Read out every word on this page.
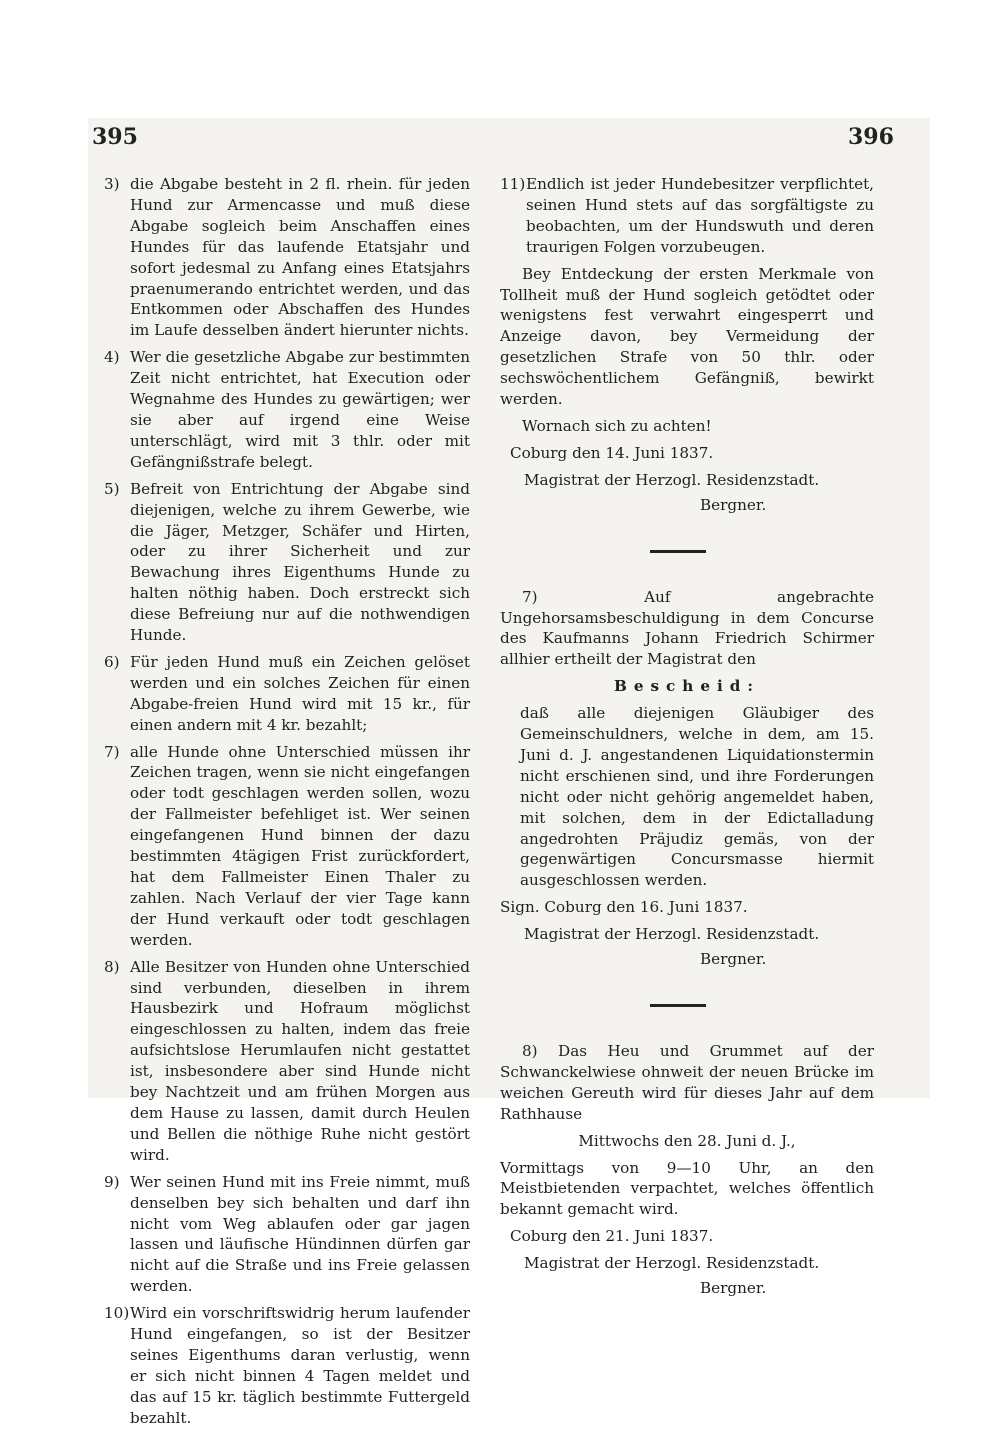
395	396
3) die Abgabe besteht in 2 fl. rhein. für jeden Hund zur Armencasse und muß diese Abgabe sogleich beim Anschaffen eines Hundes für das laufende Etatsjahr und sofort jedesmal zu Anfang eines Etatsjahrs praenumerando entrichtet werden, und das Entkommen oder Abschaffen des Hundes im Laufe desselben ändert hierunter nichts.
4) Wer die gesetzliche Abgabe zur bestimmten Zeit nicht entrichtet, hat Execution oder Wegnahme des Hundes zu gewärtigen; wer sie aber auf irgend eine Weise unterschlägt, wird mit 3 thlr. oder mit Gefängnißstrafe belegt.
5) Befreit von Entrichtung der Abgabe sind diejenigen, welche zu ihrem Gewerbe, wie die Jäger, Metzger, Schäfer und Hirten, oder zu ihrer Sicherheit und zur Bewachung ihres Eigenthums Hunde zu halten nöthig haben. Doch erstreckt sich diese Befreiung nur auf die nothwendigen Hunde.
6) Für jeden Hund muß ein Zeichen gelöset werden und ein solches Zeichen für einen Abgabe-freien Hund wird mit 15 kr., für einen andern mit 4 kr. bezahlt;
7) alle Hunde ohne Unterschied müssen ihr Zeichen tragen, wenn sie nicht eingefangen oder todt geschlagen werden sollen, wozu der Fallmeister befehliget ist. Wer seinen eingefangenen Hund binnen der dazu bestimmten 4tägigen Frist zurückfordert, hat dem Fallmeister Einen Thaler zu zahlen. Nach Verlauf der vier Tage kann der Hund verkauft oder todt geschlagen werden.
8) Alle Besitzer von Hunden ohne Unterschied sind verbunden, dieselben in ihrem Hausbezirk und Hofraum möglichst eingeschlossen zu halten, indem das freie aufsichtslose Herumlaufen nicht gestattet ist, insbesondere aber sind Hunde nicht bey Nachtzeit und am frühen Morgen aus dem Hause zu lassen, damit durch Heulen und Bellen die nöthige Ruhe nicht gestört wird.
9) Wer seinen Hund mit ins Freie nimmt, muß denselben bey sich behalten und darf ihn nicht vom Weg ablaufen oder gar jagen lassen und läufische Hündinnen dürfen gar nicht auf die Straße und ins Freie gelassen werden.
10) Wird ein vorschriftswidrig herum laufender Hund eingefangen, so ist der Besitzer seines Eigenthums daran verlustig, wenn er sich nicht binnen 4 Tagen meldet und das auf 15 kr. täglich bestimmte Futtergeld bezahlt.
11) Endlich ist jeder Hundebesitzer verpflichtet, seinen Hund stets auf das sorgfältigste zu beobachten, um der Hundswuth und deren traurigen Folgen vorzubeugen.
Bey Entdeckung der ersten Merkmale von Tollheit muß der Hund sogleich getödtet oder wenigstens fest verwahrt eingesperrt und Anzeige davon, bey Vermeidung der gesetzlichen Strafe von 50 thlr. oder sechswöchentlichem Gefängniß, bewirkt werden.
Wornach sich zu achten!
Coburg den 14. Juni 1837.
Magistrat der Herzogl. Residenzstadt.
Bergner.
7) Auf angebrachte Ungehorsamsbeschuldigung in dem Concurse des Kaufmanns Johann Friedrich Schirmer allhier ertheilt der Magistrat den
Bescheid:
daß alle diejenigen Gläubiger des Gemeinschuldners, welche in dem, am 15. Juni d. J. angestandenen Liquidationstermin nicht erschienen sind, und ihre Forderungen nicht oder nicht gehörig angemeldet haben, mit solchen, dem in der Edictalladung angedrohten Präjudiz gemäs, von der gegenwärtigen Concursmasse hiermit ausgeschlossen werden.
Sign. Coburg den 16. Juni 1837.
Magistrat der Herzogl. Residenzstadt.
Bergner.
8) Das Heu und Grummet auf der Schwanckelwiese ohnweit der neuen Brücke im weichen Gereuth wird für dieses Jahr auf dem Rathhause
Mittwochs den 28. Juni d. J.,
Vormittags von 9—10 Uhr, an den Meistbietenden verpachtet, welches öffentlich bekannt gemacht wird.
Coburg den 21. Juni 1837.
Magistrat der Herzogl. Residenzstadt.
Bergner.
